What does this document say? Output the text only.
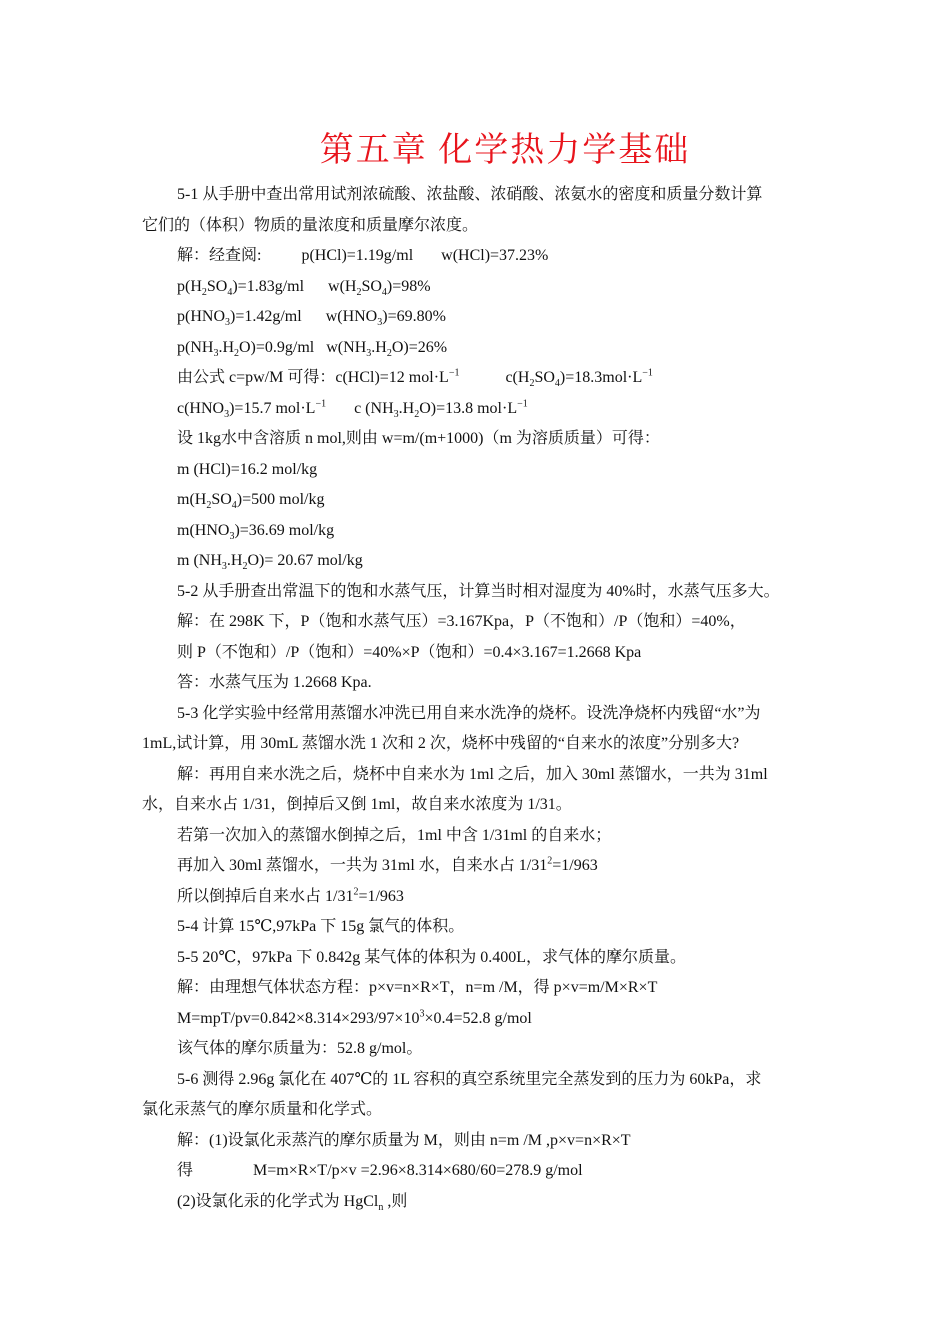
第五章 化学热力学基础
5-1 从手册中查出常用试剂浓硫酸、浓盐酸、浓硝酸、浓氨水的密度和质量分数计算
它们的（体积）物质的量浓度和质量摩尔浓度。
解：经查阅:	p(HCl)=1.19g/ml w(HCl)=37.23%
$p(H_2SO_4)=1.83g/ml$ $w(H_2SO_4)=98\%$
$p(HNO_3)=1.42g/ml$ $w(HNO_3)=69.80\%$
$p(NH_3.H_2O)=0.9g/ml$ $w(NH_3.H_2O)=26\%$
由公式 c=pw/M 可得：c(HCl)=12 $mol\cdot L^{-1}$	$c(H_2SO_4)=18.3mol\cdot L^{-1}$
$c(HNO_3)=15.7$ $mol\cdot L^{-1}$ c $(NH_3.H_2O)=13.8$ $mol\cdot L^{-1}$
设 1kg水中含溶质 n mol,则由 w=m/(m+1000)（m 为溶质质量）可得：
m (HCl)=16.2 mol/kg
$m(H_2SO_4)=500$ mol/kg
$m(HNO_3)=36.69$ mol/kg
m $(NH_3.H_2O)= 20.67$ mol/kg
5-2 从手册查出常温下的饱和水蒸气压，计算当时相对湿度为 40%时，水蒸气压多大。
解：在 298K 下，P（饱和水蒸气压）=3.167Kpa，P（不饱和）/P（饱和）=40%，
则 P（不饱和）/P（饱和）=40%×P（饱和）=0.4×3.167=1.2668 Kpa
答：水蒸气压为 1.2668 Kpa.
5-3 化学实验中经常用蒸馏水冲洗已用自来水洗净的烧杯。设洗净烧杯内残留“水”为
1mL,试计算，用 30mL 蒸馏水洗 1 次和 2 次，烧杯中残留的“自来水的浓度”分别多大?
解：再用自来水洗之后，烧杯中自来水为 1ml 之后，加入 30ml 蒸馏水，一共为 31ml
水，自来水占 1/31，倒掉后又倒 1ml，故自来水浓度为 1/31。
若第一次加入的蒸馏水倒掉之后，1ml 中含 1/31ml 的自来水；
再加入 30ml 蒸馏水，一共为 31ml 水，自来水占 $1/31^2=1/963$
所以倒掉后自来水占 $1/31^2=1/963$
5-4 计算 15℃,97kPa 下 15g 氯气的体积。
5-5 20℃，97kPa 下 0.842g 某气体的体积为 0.400L，求气体的摩尔质量。
解：由理想气体状态方程：p×v=n×R×T，n=m /M，得 p×v=m/M×R×T
$M=mpT/pv=0.842\times 8.314\times 293/97\times 10^3\times 0.4=52.8$ g/mol
该气体的摩尔质量为：52.8 g/mol。
5-6 测得 2.96g 氯化在 407℃的 1L 容积的真空系统里完全蒸发到的压力为 60kPa，求
氯化汞蒸气的摩尔质量和化学式。
解：(1)设氯化汞蒸汽的摩尔质量为 M，则由 n=m /M ,p×v=n×R×T
得	M=m×R×T/p×v =2.96×8.314×680/60=278.9 g/mol
(2)设氯化汞的化学式为 HgCl$_n$ ,则
